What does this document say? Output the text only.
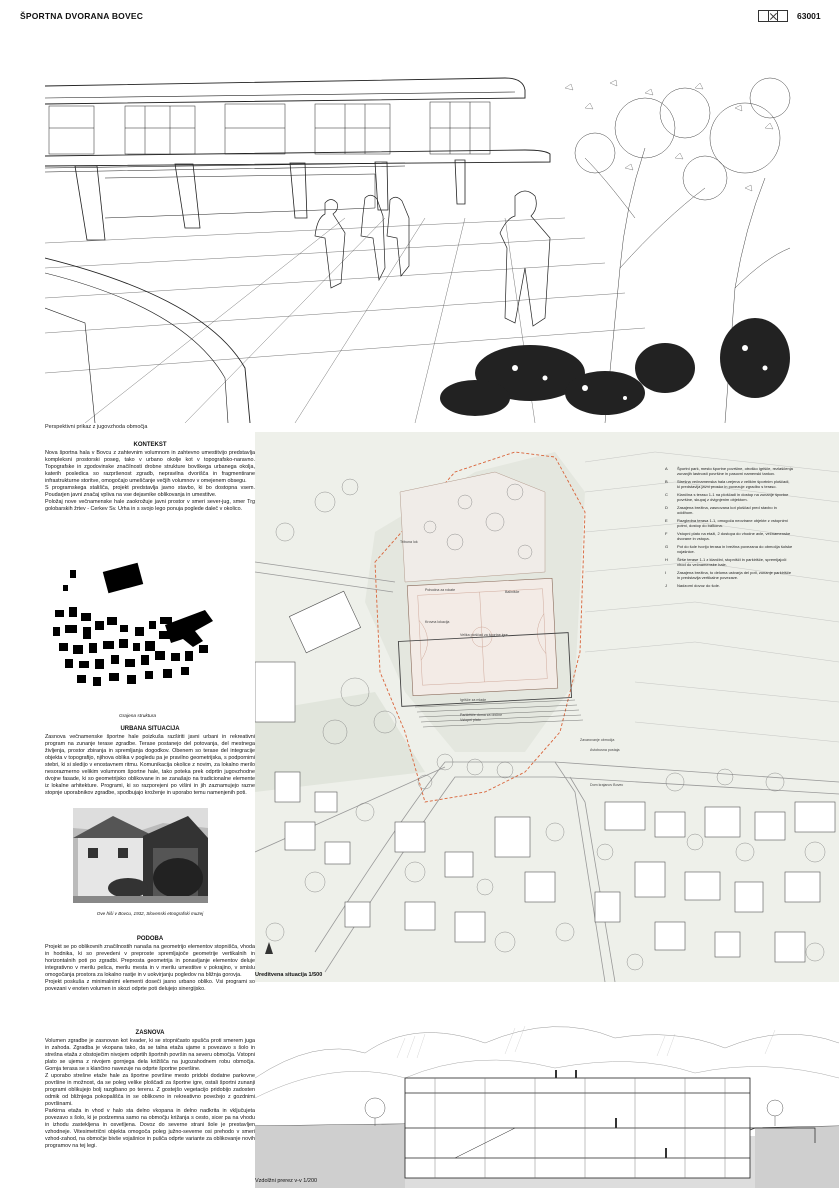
ŠPORTNA DVORANA BOVEC	63001
Perspektivni prikaz z jugovzhoda območja
KONTEKST

Nova športna hala v Bovcu z zahtevnim volumnom in zahtevno umestitvijo predstavlja kompleksni prostorski poseg, tako v urbano okolje kot v topografsko-naravno. Topografske in zgodovinske značilnosti drobne strukture bovškega urbanega okolja, katerih posledica so razpršenost zgradb, nepravilna dvorišča in fragmentirane infrastrukturne storitve, omogočajo umeščanje večjih volumnov v omejenem obsegu.

S programskega stališča, projekt predstavlja javno stavbo, ki bo dostopna vsem. Poudarjen javni značaj vpliva na vse dejavnike oblikovanja in umestitve.

Položaj nove večnamenske hale zaokrožuje javni prostor v smeri sever-jug, smer Trg golobarskih žrtev - Cerkev Sv. Urha in s svojo lego ponuja poglede daleč v okolico.

Grajena struktura
URBANA SITUACIJA

Zasnova večnamenske športne hale poizkuša razširiti javni urbani in rekreativni program na zunanje terase zgradbe. Terase postanejo del potovanja, del mestnega življenja, prostor zbiranja in spremljanja dogodkov. Obenem so terase del integracije objekta v topografijo, njihova oblika v pogledu pa je pravilno geometrijska, s podpornimi stebri, ki si sledijo v enostavnem ritmu. Komunikacija okolice z novim, za lokalno merilo nesorazmerno velikim volumnom športne hale, tako poteka prek odprtin jugovzhodne dvojne fasade, ki so geometrijsko oblikovane in se zanašajo na tradicionalne elemente iz lokalne arhitekture. Programi, ki so razporejeni po višini in jih zaznamujejo razne stopnje uporabnikov zgradbe, spodbujajo kroženje in uporabo temu namenjenih poti.

Ove hiši v Bovcu, 1932, Slovenski etnografski muzej
PODOBA

Projekt se po oblikovnih značilnostih nanaša na geometrijo elementov stopnišča, vhoda in hodnika, ki so prevedeni v preproste spremljajoče geometrije vertikalnih in horizontalnih poti po zgradbi. Preprosta geometrija in ponavljanje elementov deluje integrativno v merilu pešca, merilu mesta in v merilu umestitve v pokrajino, v smislu omogočanja prostora za lokalno rastje in v uokvirjanju pogledov na bližnja gorovja.

Projekt poskuša z minimalnimi elementi doseči jasno urbano obliko. Vsi programi so povezani v enoten volumen in skozi odprte poti delujejo sinergijsko.

ZASNOVA

Volumen zgradbe je zasnovan kot kvader, ki se stopničasto spušča proti smerem juga in zahoda. Zgradba je vkopana tako, da se talna etaža ujame s povezavo s šolo in strešna etaža z obstoječim nivojem odprtih športnih površin na severu območja. Vstopni plato se ujema z nivojem gornjega dela križišča na jugozahodnem robu območja. Gornja terasa se s klančino navezuje na odprte športne površine.

Z uporabo strešne etaže hale za športne površine mesto pridobi dodatne parkovne površine in možnost, da se poleg velike ploščadi za športne igre, ostali športni zunanji programi oblikujejo bolj razgibano po terenu. Z gostejšo vegetacijo pridobijo zadosten odmik od bližnjega pokopališča in se oblikovno in rekreativno povežejo z gozdnimi površinami.

Parkirna etaža in vhod v halo sta delno vkopana in delno nadkrita in vključujeta povezavo s šolo, ki je podzemna samo na območju križanja s cesto, sicer pa na vhodu in izhodu zastekljena in osvetljena. Dovoz do severne strani šole je prestavljen vzhodneje. Vitesimetrični objekta omogoča poleg južno-severne osi prehodo v smeri vzhod-zahod, na območje bivše vojašnice in pušča odprte variante za oblikovanje novih programov na tej legi.

A	Športni park, mesto športne površine, otroško igrišče, rezlaščenja zunanjih lastnosti površine in pasovni namenski tankov.
B	Strešna večnamenska hala urejena z velikim športnim ploščadi, ki predstavlja javni prostor in povezuje zgradbo s teraso.
C	Klančina s teraso 1-1 na ploščadi in dostop na zunanje športne površine, skupaj z dvignjenim objektom.
D	Zasajena brežina, zasnovana kot ploščad pred stavbo in oddihom.
E	Razgledna terasa 1-1, omogoča neovirane objekte z vstopnimi potmi, dostop do balkona.
F	Vstopni plato na etaži, 2 dostopa do vhodne avle, večnamenske dvorane in vstopa.
G	Pot do šole tvorijo terasa in brežina povezana do območja šolske vojašnice.
H	Širše terase 1-1 z klančini, stopnišči in parkirišče, spremljajoči vhod do večnamenske hale.
I	Zasajena brežina, to deloma ustvarja del poti, zunanje parkirišče in predstavlja vertikalne povezave.
J	Nadzorni dovoz do šole.
Tribuna lok
Pohodna za rokate
Krovna lokacija
Velika ploščad za športne igre
Balinišče
Parkirišče doma za občine
Zavarovanje območja
Dom krajanov Bovec
Vstopni plato
Igrišče za mlade
Avtobusna postaja
Ureditvena situacija 1/500
Vzdolžni prerez v-v 1/200
